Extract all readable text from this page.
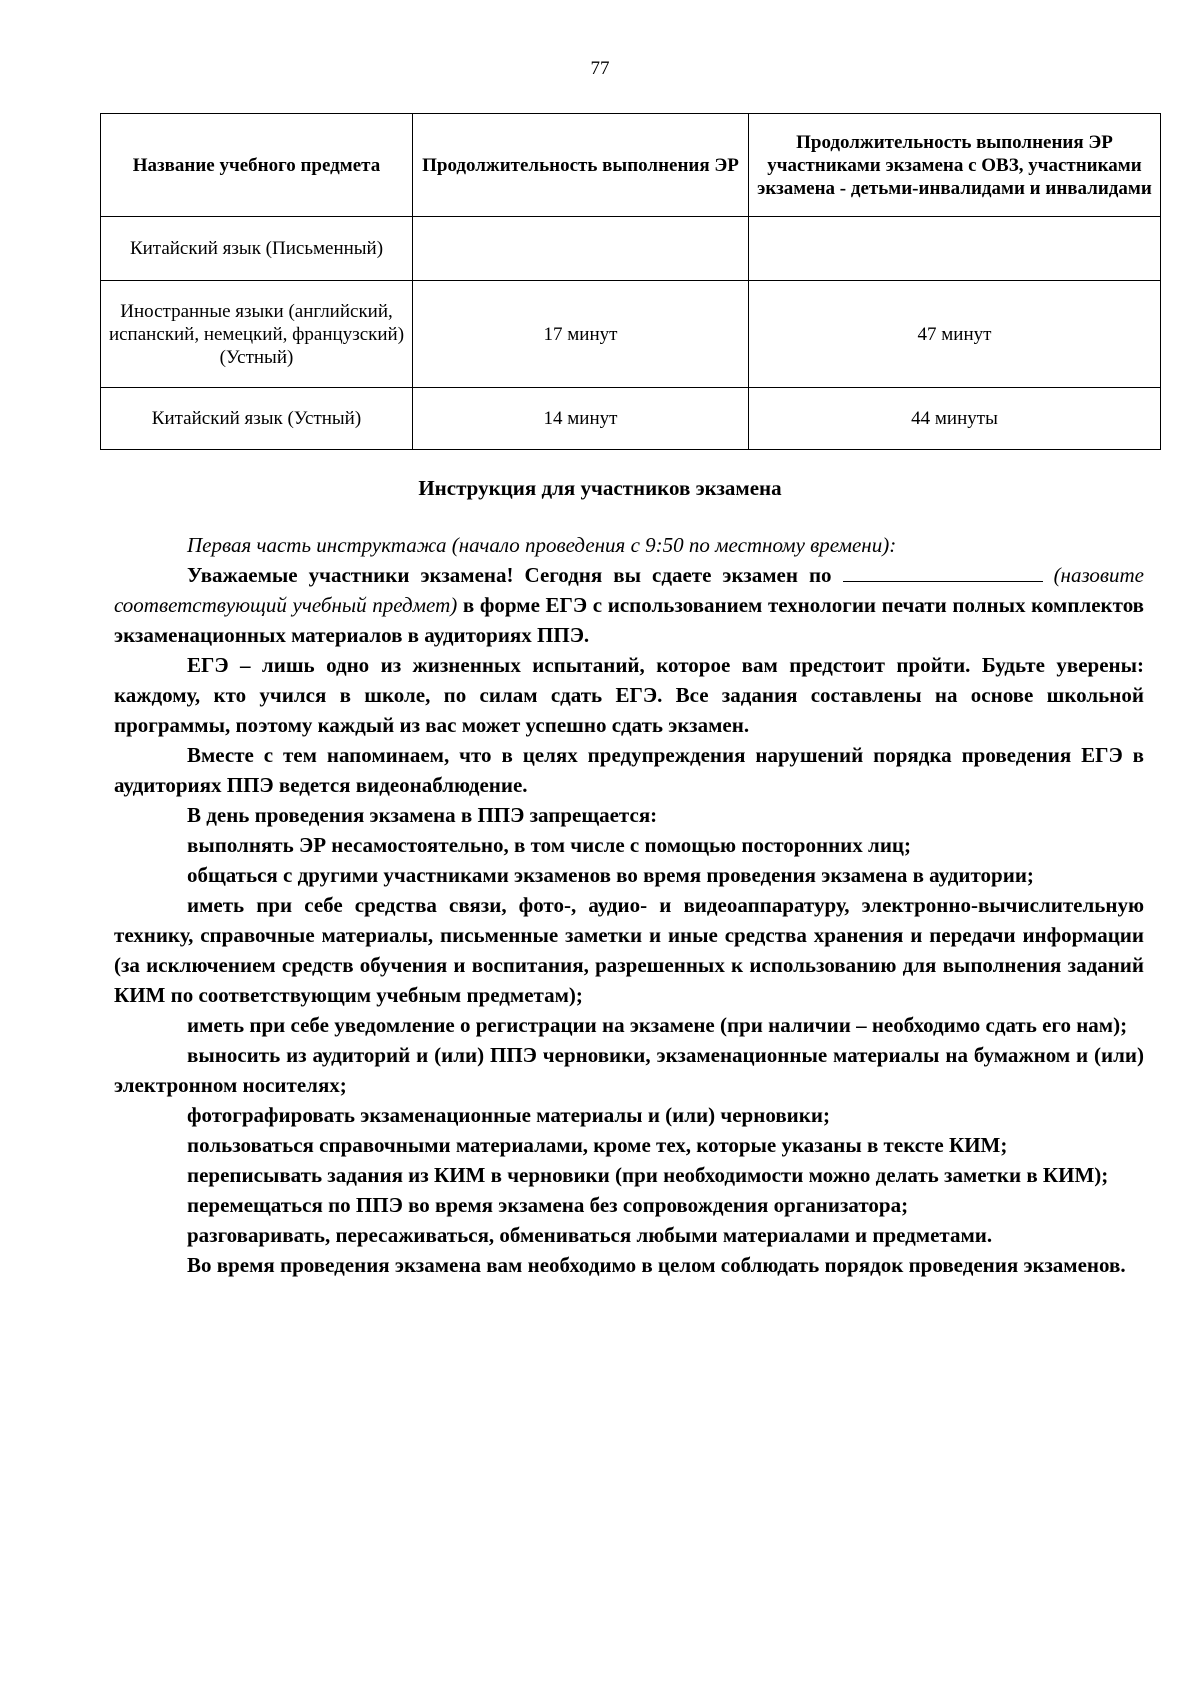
77
Название учебного предмета	Продолжительность выполнения ЭР	Продолжительность выполнения ЭР участниками экзамена с ОВЗ, участниками экзамена - детьми-инвалидами и инвалидами
Китайский язык (Письменный)		
Иностранные языки (английский, испанский, немецкий, французский) (Устный)	17 минут	47 минут
Китайский язык (Устный)	14 минут	44 минуты
Инструкция для участников экзамена

Первая часть инструктажа (начало проведения с 9:50 по местному времени):

Уважаемые участники экзамена! Сегодня вы сдаете экзамен по	(назовите соответствующий учебный предмет) в форме ЕГЭ с использованием технологии печати полных комплектов экзаменационных материалов в аудиториях ППЭ.

ЕГЭ – лишь одно из жизненных испытаний, которое вам предстоит пройти. Будьте уверены: каждому, кто учился в школе, по силам сдать ЕГЭ. Все задания составлены на основе школьной программы, поэтому каждый из вас может успешно сдать экзамен.

Вместе с тем напоминаем, что в целях предупреждения нарушений порядка проведения ЕГЭ в аудиториях ППЭ ведется видеонаблюдение.

В день проведения экзамена в ППЭ запрещается:

выполнять ЭР несамостоятельно, в том числе с помощью посторонних лиц;

общаться с другими участниками экзаменов во время проведения экзамена в аудитории;

иметь при себе средства связи, фото-, аудио- и видеоаппаратуру, электронно-вычислительную технику, справочные материалы, письменные заметки и иные средства хранения и передачи информации (за исключением средств обучения и воспитания, разрешенных к использованию для выполнения заданий КИМ по соответствующим учебным предметам);

иметь при себе уведомление о регистрации на экзамене (при наличии – необходимо сдать его нам);

выносить из аудиторий и (или) ППЭ черновики, экзаменационные материалы на бумажном и (или) электронном носителях;

фотографировать экзаменационные материалы и (или) черновики;

пользоваться справочными материалами, кроме тех, которые указаны в тексте КИМ;

переписывать задания из КИМ в черновики (при необходимости можно делать заметки в КИМ);

перемещаться по ППЭ во время экзамена без сопровождения организатора;

разговаривать, пересаживаться, обмениваться любыми материалами и предметами.

Во время проведения экзамена вам необходимо в целом соблюдать порядок проведения экзаменов.
